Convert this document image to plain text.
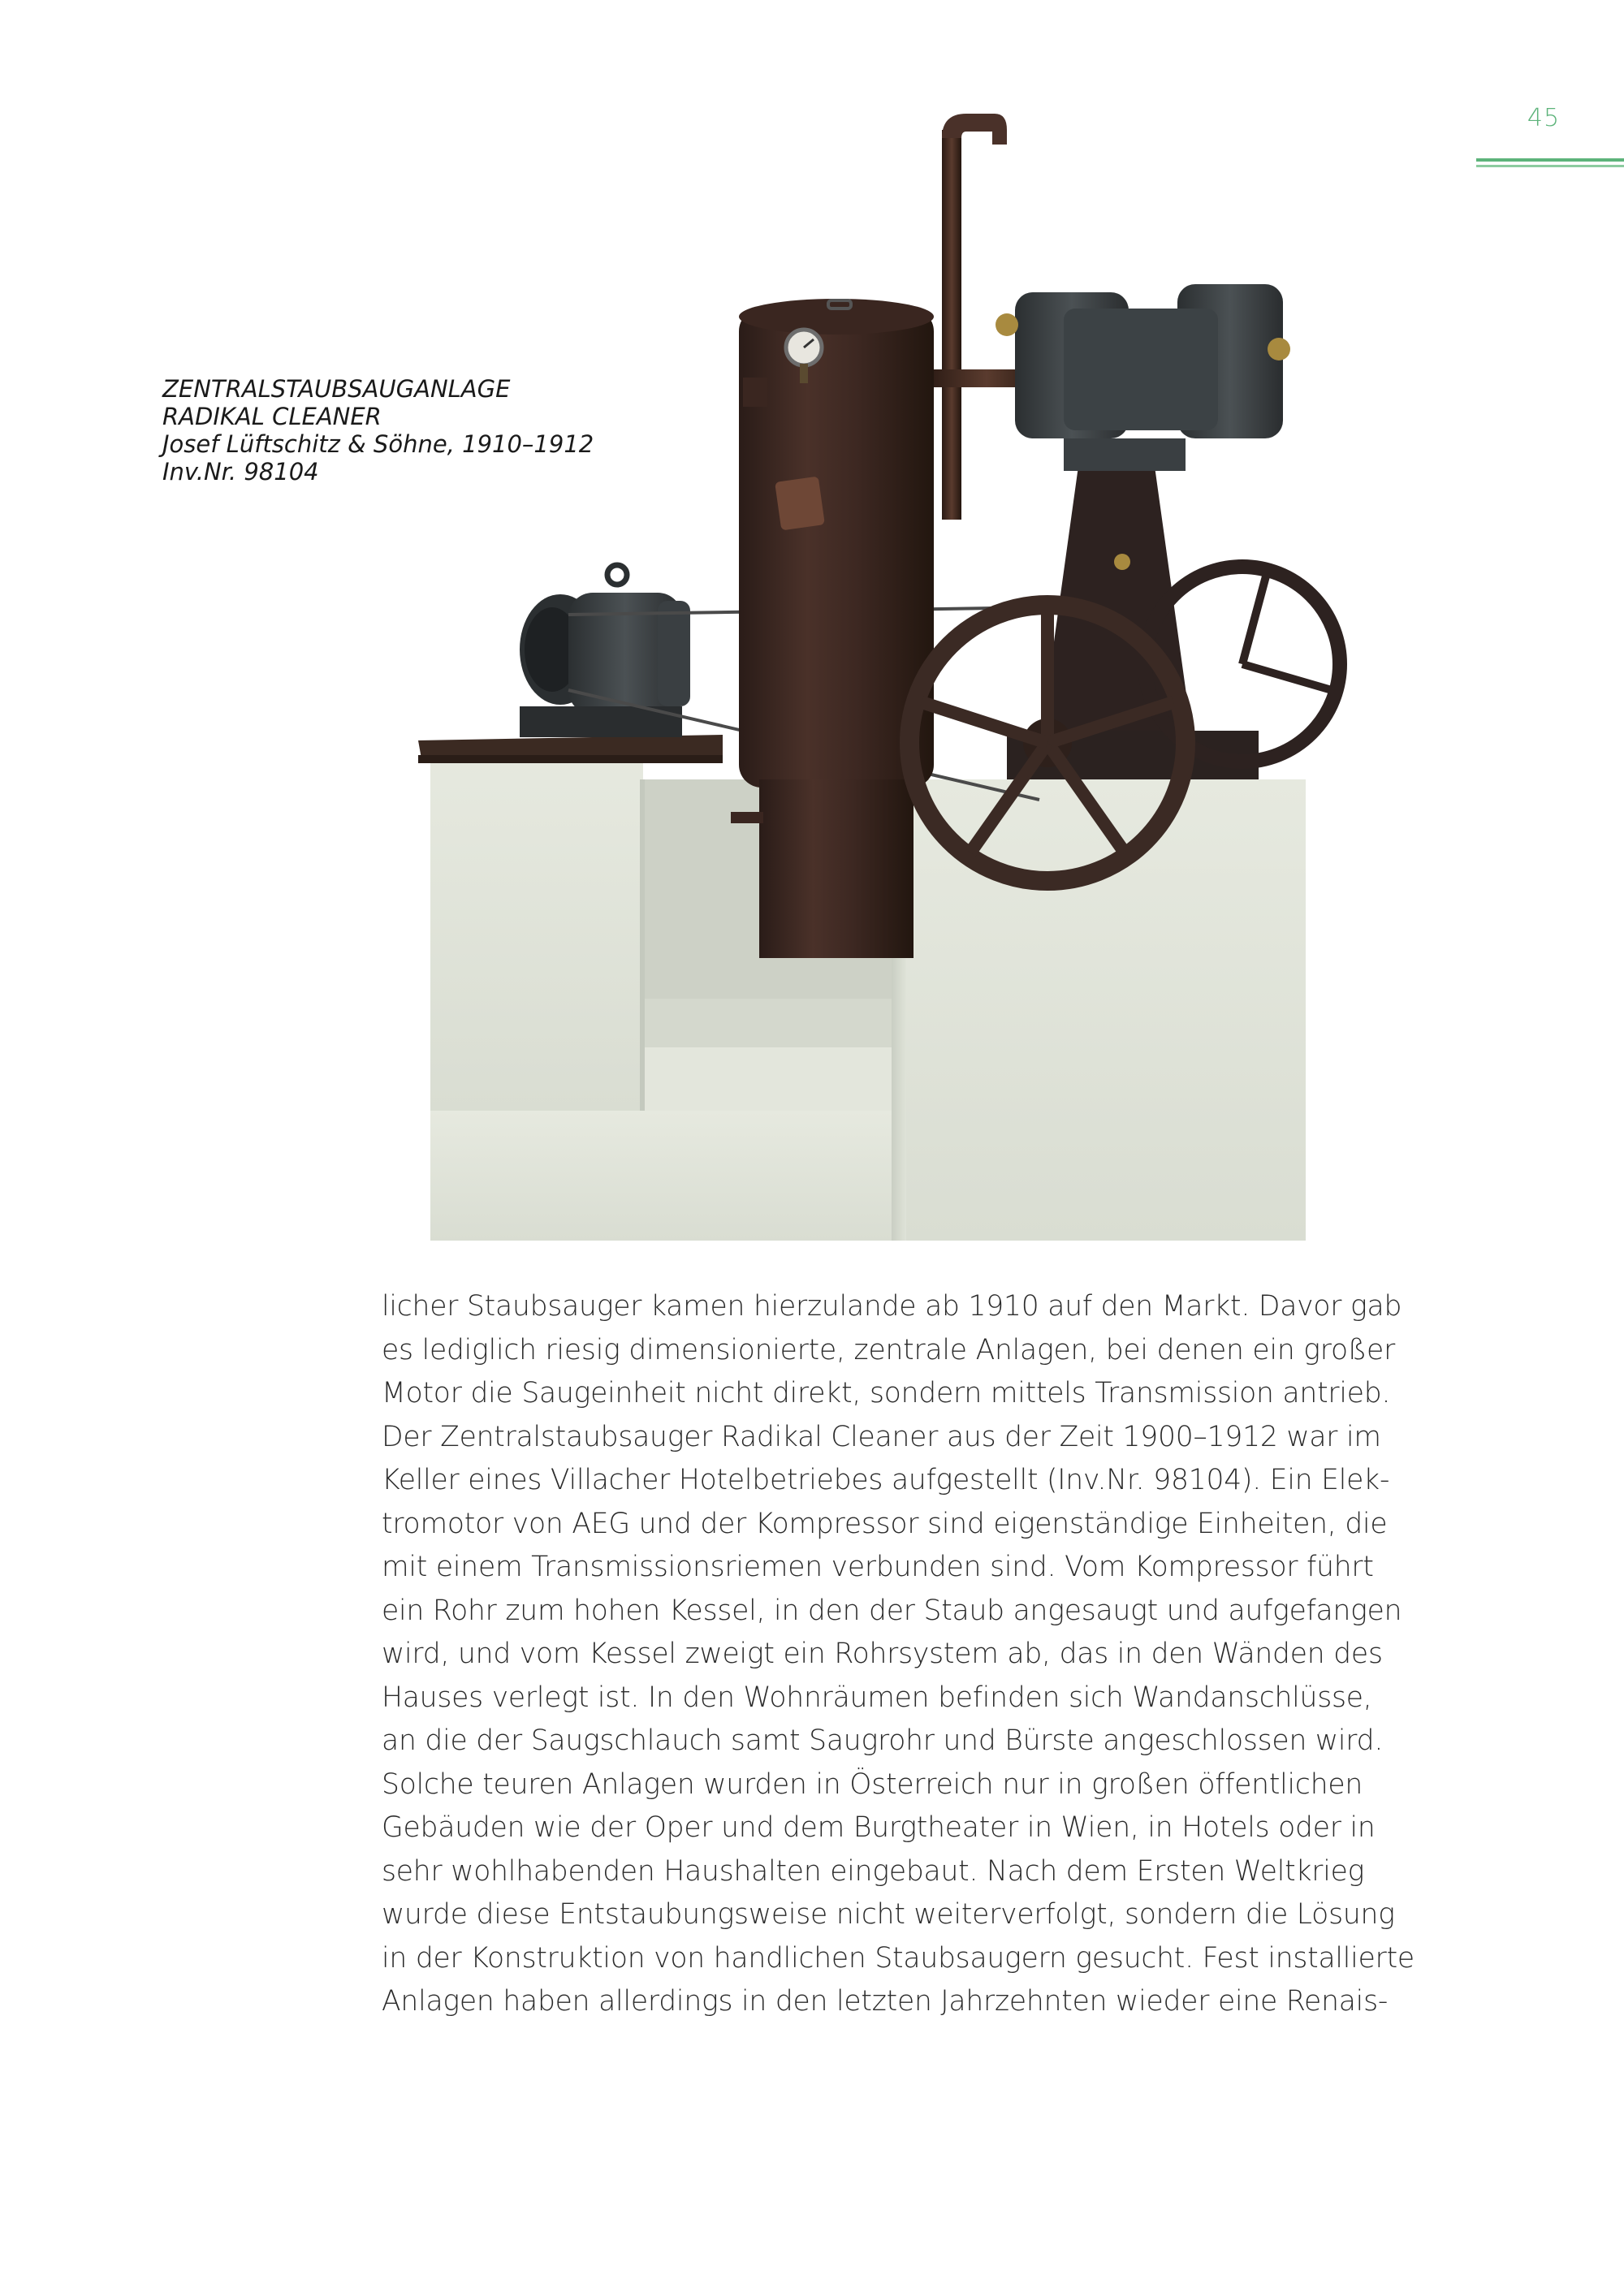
45
ZENTRALSTAUBSAUGANLAGE
RADIKAL CLEANER
Josef Lüftschitz & Söhne, 1910–1912
Inv.Nr. 98104
licher Staubsauger kamen hierzulande ab 1910 auf den Markt. Davor gab
es lediglich riesig dimensionierte, zentrale Anlagen, bei denen ein großer
Motor die Saugeinheit nicht direkt, sondern mittels Transmission antrieb.
Der Zentralstaubsauger Radikal Cleaner aus der Zeit 1900–1912 war im
Keller eines Villacher Hotelbetriebes aufgestellt (Inv.Nr. 98104). Ein Elek-
tromotor von AEG und der Kompressor sind eigenständige Einheiten, die
mit einem Transmissionsriemen verbunden sind. Vom Kompressor führt
ein Rohr zum hohen Kessel, in den der Staub angesaugt und aufgefangen
wird, und vom Kessel zweigt ein Rohrsystem ab, das in den Wänden des
Hauses verlegt ist. In den Wohnräumen befinden sich Wandanschlüsse,
an die der Saugschlauch samt Saugrohr und Bürste angeschlossen wird.
Solche teuren Anlagen wurden in Österreich nur in großen öffentlichen
Gebäuden wie der Oper und dem Burgtheater in Wien, in Hotels oder in
sehr wohlhabenden Haushalten eingebaut. Nach dem Ersten Weltkrieg
wurde diese Entstaubungsweise nicht weiterverfolgt, sondern die Lösung
in der Konstruktion von handlichen Staubsaugern gesucht. Fest installierte
Anlagen haben allerdings in den letzten Jahrzehnten wieder eine Renais-
